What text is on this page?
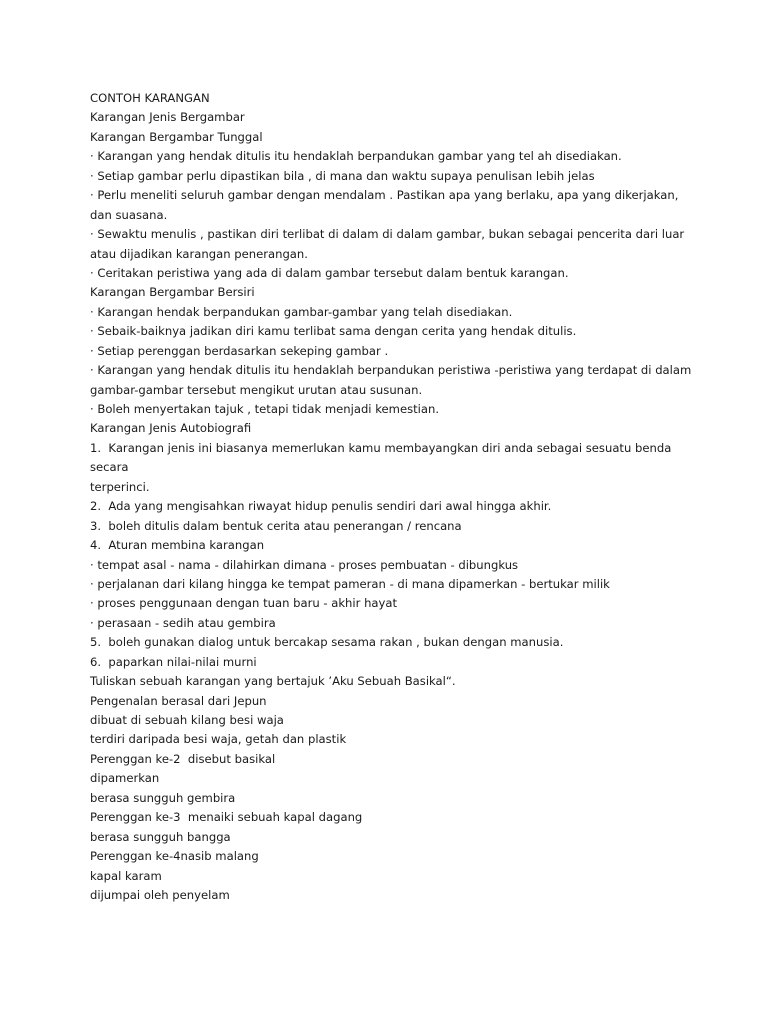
CONTOH KARANGAN
Karangan Jenis Bergambar
Karangan Bergambar Tunggal
· Karangan yang hendak ditulis itu hendaklah berpandukan gambar yang tel ah disediakan.
· Setiap gambar perlu dipastikan bila , di mana dan waktu supaya penulisan lebih jelas
· Perlu meneliti seluruh gambar dengan mendalam . Pastikan apa yang berlaku, apa yang dikerjakan,
dan suasana.
· Sewaktu menulis , pastikan diri terlibat di dalam di dalam gambar, bukan sebagai pencerita dari luar
atau dijadikan karangan penerangan.
· Ceritakan peristiwa yang ada di dalam gambar tersebut dalam bentuk karangan.
Karangan Bergambar Bersiri
· Karangan hendak berpandukan gambar-gambar yang telah disediakan.
· Sebaik-baiknya jadikan diri kamu terlibat sama dengan cerita yang hendak ditulis.
· Setiap perenggan berdasarkan sekeping gambar .
· Karangan yang hendak ditulis itu hendaklah berpandukan peristiwa -peristiwa yang terdapat di dalam
gambar-gambar tersebut mengikut urutan atau susunan.
· Boleh menyertakan tajuk , tetapi tidak menjadi kemestian.
Karangan Jenis Autobiografi
1.  Karangan jenis ini biasanya memerlukan kamu membayangkan diri anda sebagai sesuatu benda
secara
terperinci.
2.  Ada yang mengisahkan riwayat hidup penulis sendiri dari awal hingga akhir.
3.  boleh ditulis dalam bentuk cerita atau penerangan / rencana
4.  Aturan membina karangan
· tempat asal - nama - dilahirkan dimana - proses pembuatan - dibungkus
· perjalanan dari kilang hingga ke tempat pameran - di mana dipamerkan - bertukar milik
· proses penggunaan dengan tuan baru - akhir hayat
· perasaan - sedih atau gembira
5.  boleh gunakan dialog untuk bercakap sesama rakan , bukan dengan manusia.
6.  paparkan nilai-nilai murni
Tuliskan sebuah karangan yang bertajuk ’Aku Sebuah Basikal“.
Pengenalan berasal dari Jepun
dibuat di sebuah kilang besi waja
terdiri daripada besi waja, getah dan plastik
Perenggan ke-2  disebut basikal
dipamerkan
berasa sungguh gembira
Perenggan ke-3  menaiki sebuah kapal dagang
berasa sungguh bangga
Perenggan ke-4nasib malang
kapal karam
dijumpai oleh penyelam
